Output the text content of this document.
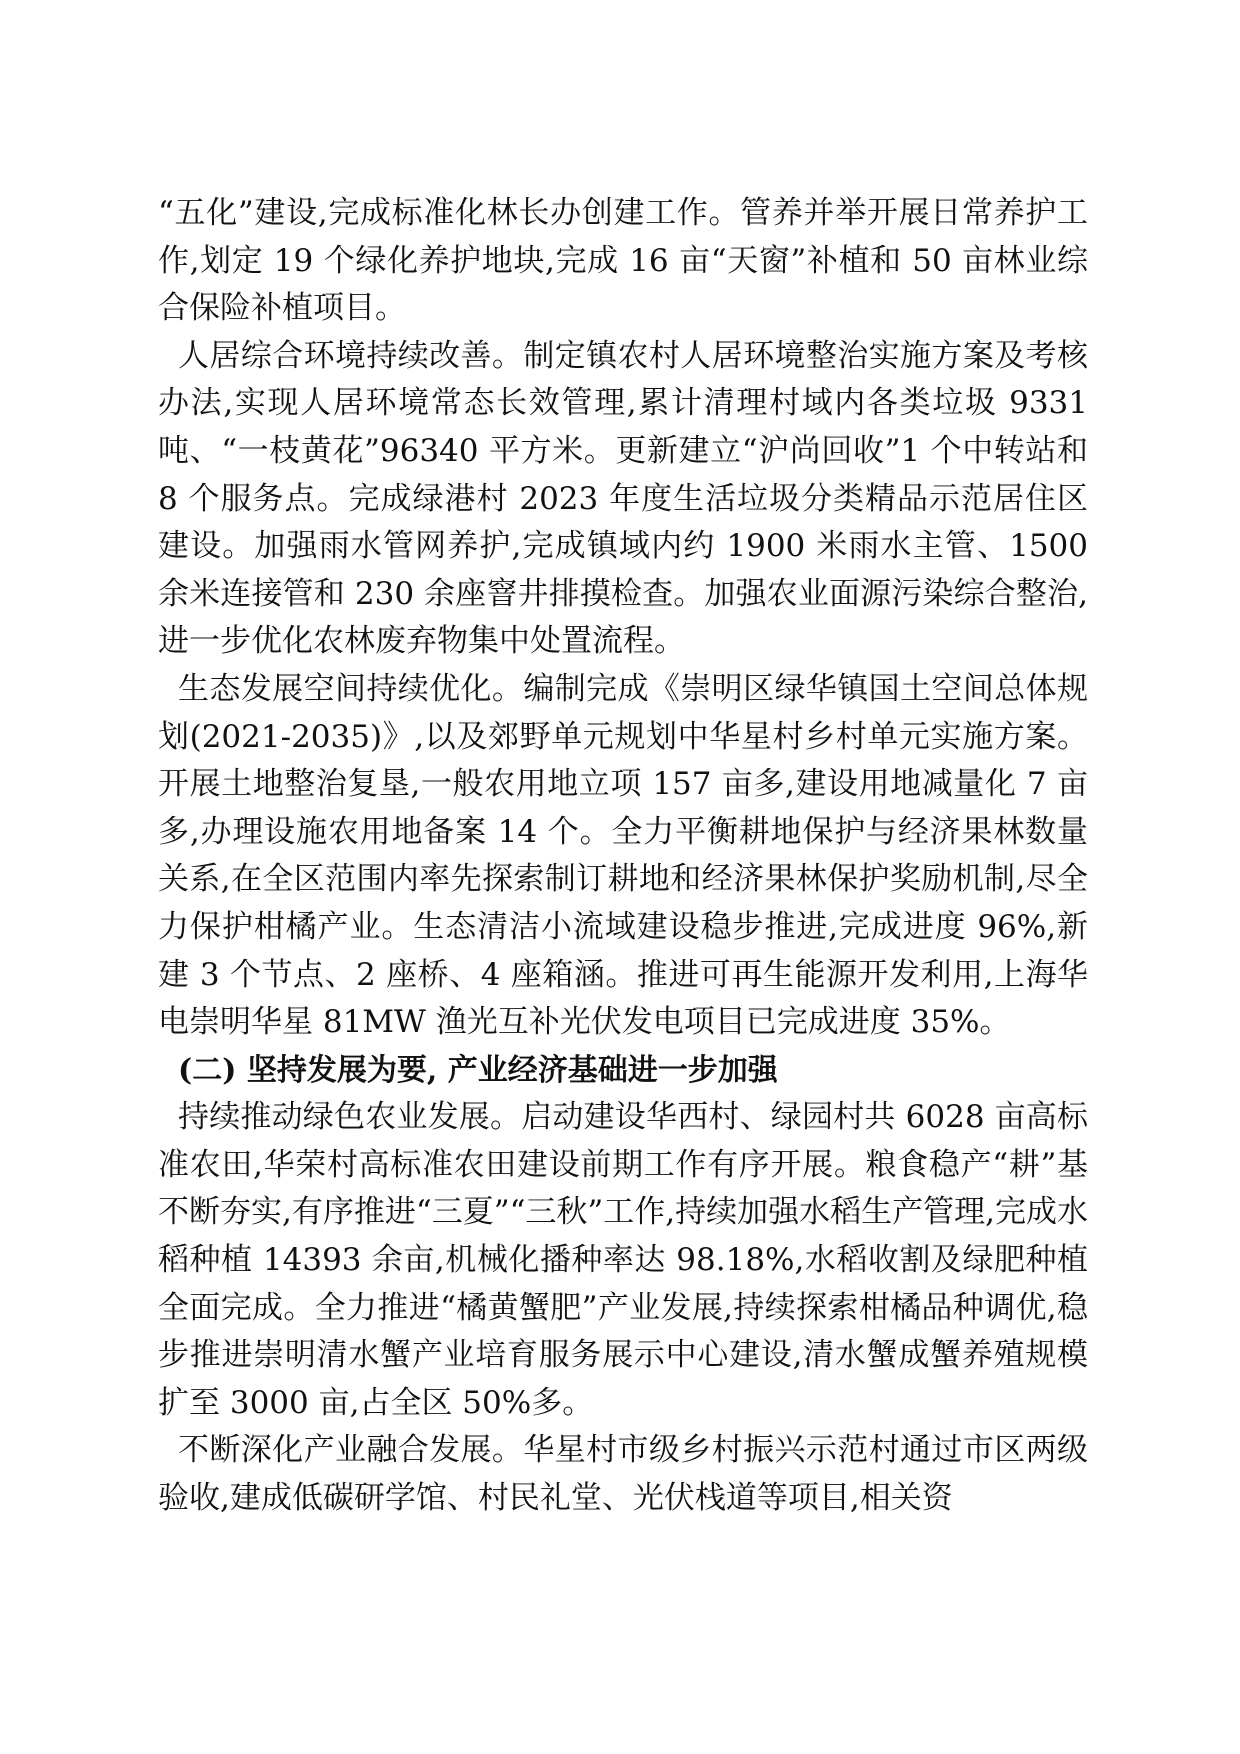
“五化”建设,完成标准化林长办创建工作。管养并举开展日常养护工作,划定 19 个绿化养护地块,完成 16 亩“天窗”补植和 50 亩林业综合保险补植项目。

人居综合环境持续改善。制定镇农村人居环境整治实施方案及考核办法,实现人居环境常态长效管理,累计清理村域内各类垃圾 9331 吨、“一枝黄花”96340 平方米。更新建立“沪尚回收”1 个中转站和 8 个服务点。完成绿港村 2023 年度生活垃圾分类精品示范居住区建设。加强雨水管网养护,完成镇域内约 1900 米雨水主管、1500 余米连接管和 230 余座窨井排摸检查。加强农业面源污染综合整治,进一步优化农林废弃物集中处置流程。

生态发展空间持续优化。编制完成《崇明区绿华镇国土空间总体规划(2021-2035)》,以及郊野单元规划中华星村乡村单元实施方案。开展土地整治复垦,一般农用地立项 157 亩多,建设用地减量化 7 亩多,办理设施农用地备案 14 个。全力平衡耕地保护与经济果林数量关系,在全区范围内率先探索制订耕地和经济果林保护奖励机制,尽全力保护柑橘产业。生态清洁小流域建设稳步推进,完成进度 96%,新建 3 个节点、2 座桥、4 座箱涵。推进可再生能源开发利用,上海华电崇明华星 81MW 渔光互补光伏发电项目已完成进度 35%。

(二) 坚持发展为要, 产业经济基础进一步加强

持续推动绿色农业发展。启动建设华西村、绿园村共 6028 亩高标准农田,华荣村高标准农田建设前期工作有序开展。粮食稳产“耕”基不断夯实,有序推进“三夏”“三秋”工作,持续加强水稻生产管理,完成水稻种植 14393 余亩,机械化播种率达 98.18%,水稻收割及绿肥种植全面完成。全力推进“橘黄蟹肥”产业发展,持续探索柑橘品种调优,稳步推进崇明清水蟹产业培育服务展示中心建设,清水蟹成蟹养殖规模扩至 3000 亩,占全区 50%多。

不断深化产业融合发展。华星村市级乡村振兴示范村通过市区两级验收,建成低碳研学馆、村民礼堂、光伏栈道等项目,相关资
